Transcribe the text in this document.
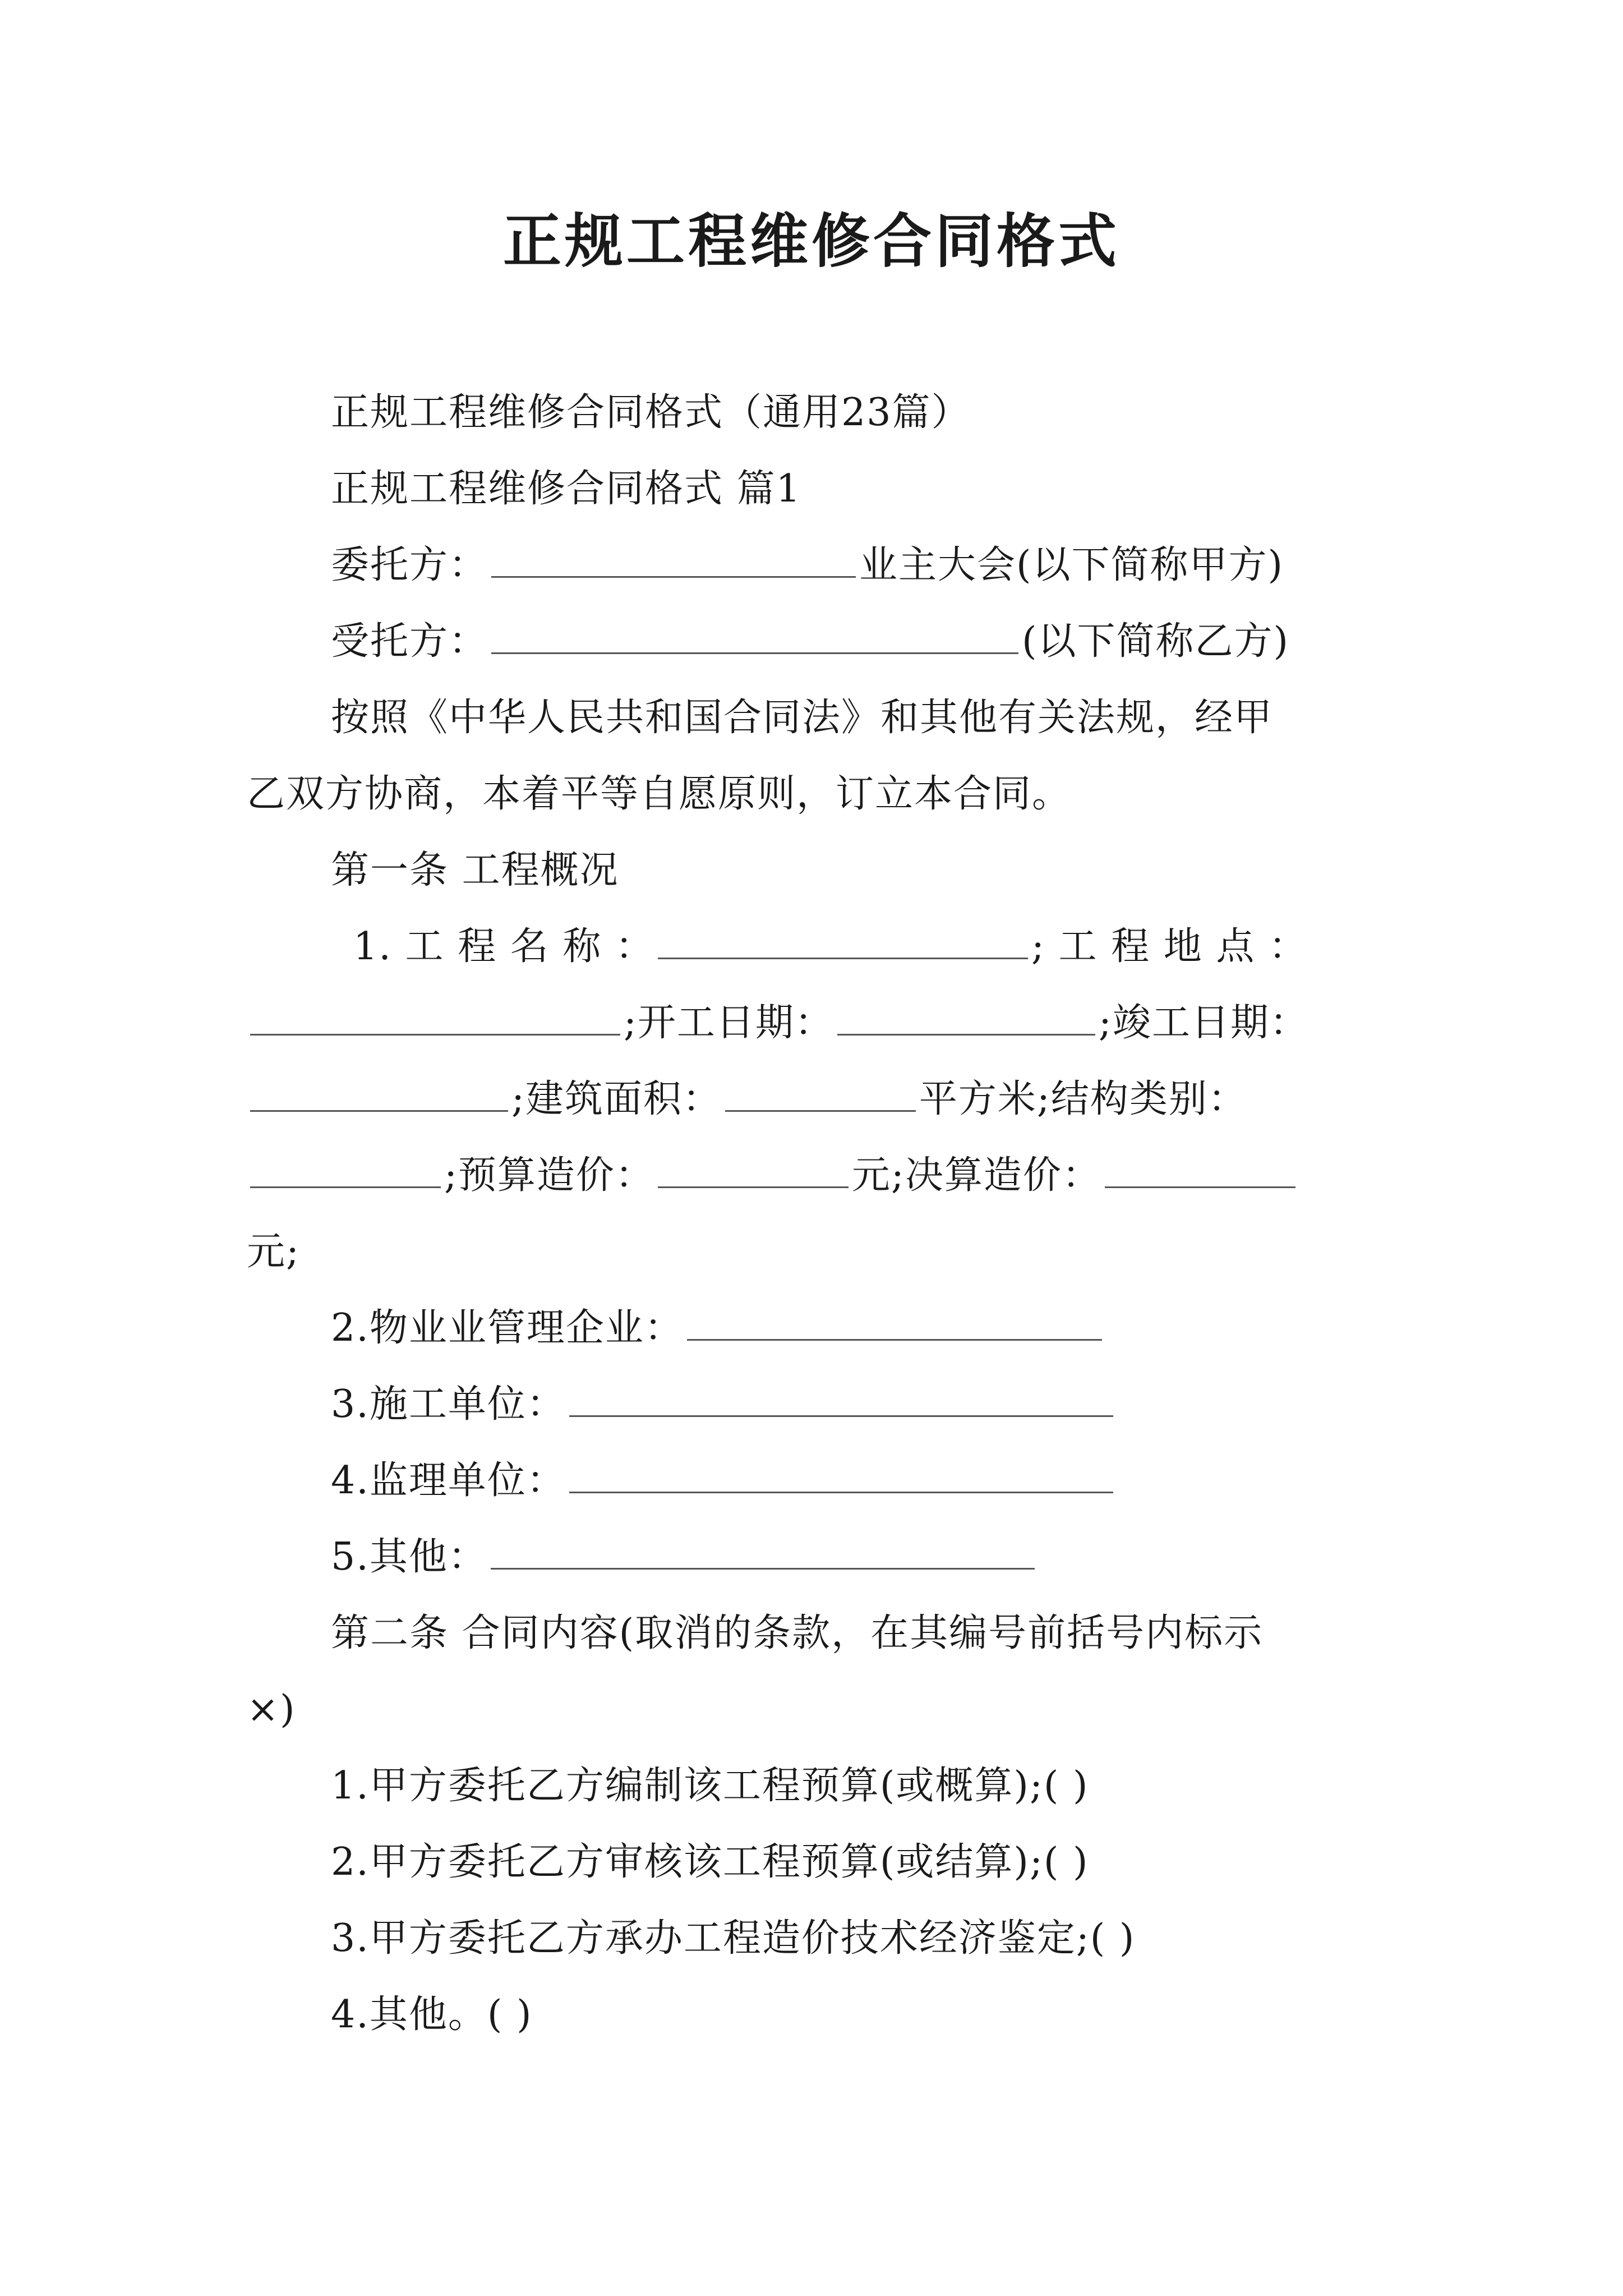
正规工程维修合同格式
正规工程维修合同格式（通用23篇）
正规工程维修合同格式 篇1
委托方：	业主大会(以下简称甲方)
受托方：	(以下简称乙方)
按照《中华人民共和国合同法》和其他有关法规，经甲
乙双方协商，本着平等自愿原则，订立本合同。
第一条 工程概况
1. 工 程 名 称 ：	; 工 程 地 点 ：
;开工日期：	;竣工日期：
;建筑面积：	平方米;结构类别：
;预算造价：	元;决算造价：
元;
2.物业业管理企业：
3.施工单位：
4.监理单位：
5.其他：
第二条 合同内容(取消的条款，在其编号前括号内标示
×)
1.甲方委托乙方编制该工程预算(或概算);( )
2.甲方委托乙方审核该工程预算(或结算);( )
3.甲方委托乙方承办工程造价技术经济鉴定;( )
4.其他。( )
